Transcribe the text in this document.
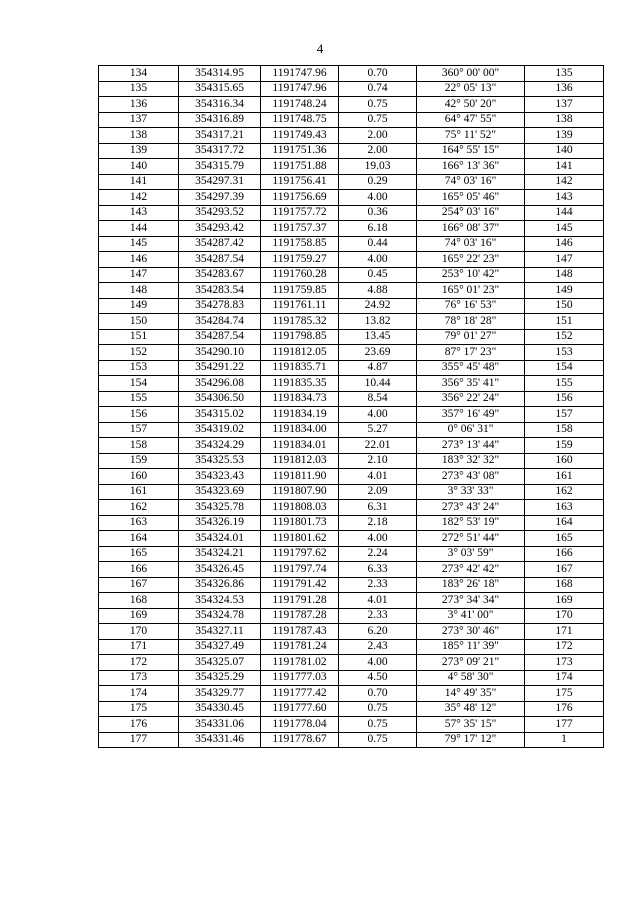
4
134	354314.95	1191747.96	0.70	360° 00' 00"	135
135	354315.65	1191747.96	0.74	22° 05' 13"	136
136	354316.34	1191748.24	0.75	42° 50' 20"	137
137	354316.89	1191748.75	0.75	64° 47' 55"	138
138	354317.21	1191749.43	2.00	75° 11' 52"	139
139	354317.72	1191751.36	2.00	164° 55' 15"	140
140	354315.79	1191751.88	19.03	166° 13' 36"	141
141	354297.31	1191756.41	0.29	74° 03' 16"	142
142	354297.39	1191756.69	4.00	165° 05' 46"	143
143	354293.52	1191757.72	0.36	254° 03' 16"	144
144	354293.42	1191757.37	6.18	166° 08' 37"	145
145	354287.42	1191758.85	0.44	74° 03' 16"	146
146	354287.54	1191759.27	4.00	165° 22' 23"	147
147	354283.67	1191760.28	0.45	253° 10' 42"	148
148	354283.54	1191759.85	4.88	165° 01' 23"	149
149	354278.83	1191761.11	24.92	76° 16' 53"	150
150	354284.74	1191785.32	13.82	78° 18' 28"	151
151	354287.54	1191798.85	13.45	79° 01' 27"	152
152	354290.10	1191812.05	23.69	87° 17' 23"	153
153	354291.22	1191835.71	4.87	355° 45' 48"	154
154	354296.08	1191835.35	10.44	356° 35' 41"	155
155	354306.50	1191834.73	8.54	356° 22' 24"	156
156	354315.02	1191834.19	4.00	357° 16' 49"	157
157	354319.02	1191834.00	5.27	0° 06' 31"	158
158	354324.29	1191834.01	22.01	273° 13' 44"	159
159	354325.53	1191812.03	2.10	183° 32' 32"	160
160	354323.43	1191811.90	4.01	273° 43' 08"	161
161	354323.69	1191807.90	2.09	3° 33' 33"	162
162	354325.78	1191808.03	6.31	273° 43' 24"	163
163	354326.19	1191801.73	2.18	182° 53' 19"	164
164	354324.01	1191801.62	4.00	272° 51' 44"	165
165	354324.21	1191797.62	2.24	3° 03' 59"	166
166	354326.45	1191797.74	6.33	273° 42' 42"	167
167	354326.86	1191791.42	2.33	183° 26' 18"	168
168	354324.53	1191791.28	4.01	273° 34' 34"	169
169	354324.78	1191787.28	2.33	3° 41' 00"	170
170	354327.11	1191787.43	6.20	273° 30' 46"	171
171	354327.49	1191781.24	2.43	185° 11' 39"	172
172	354325.07	1191781.02	4.00	273° 09' 21"	173
173	354325.29	1191777.03	4.50	4° 58' 30"	174
174	354329.77	1191777.42	0.70	14° 49' 35"	175
175	354330.45	1191777.60	0.75	35° 48' 12"	176
176	354331.06	1191778.04	0.75	57° 35' 15"	177
177	354331.46	1191778.67	0.75	79° 17' 12"	1
